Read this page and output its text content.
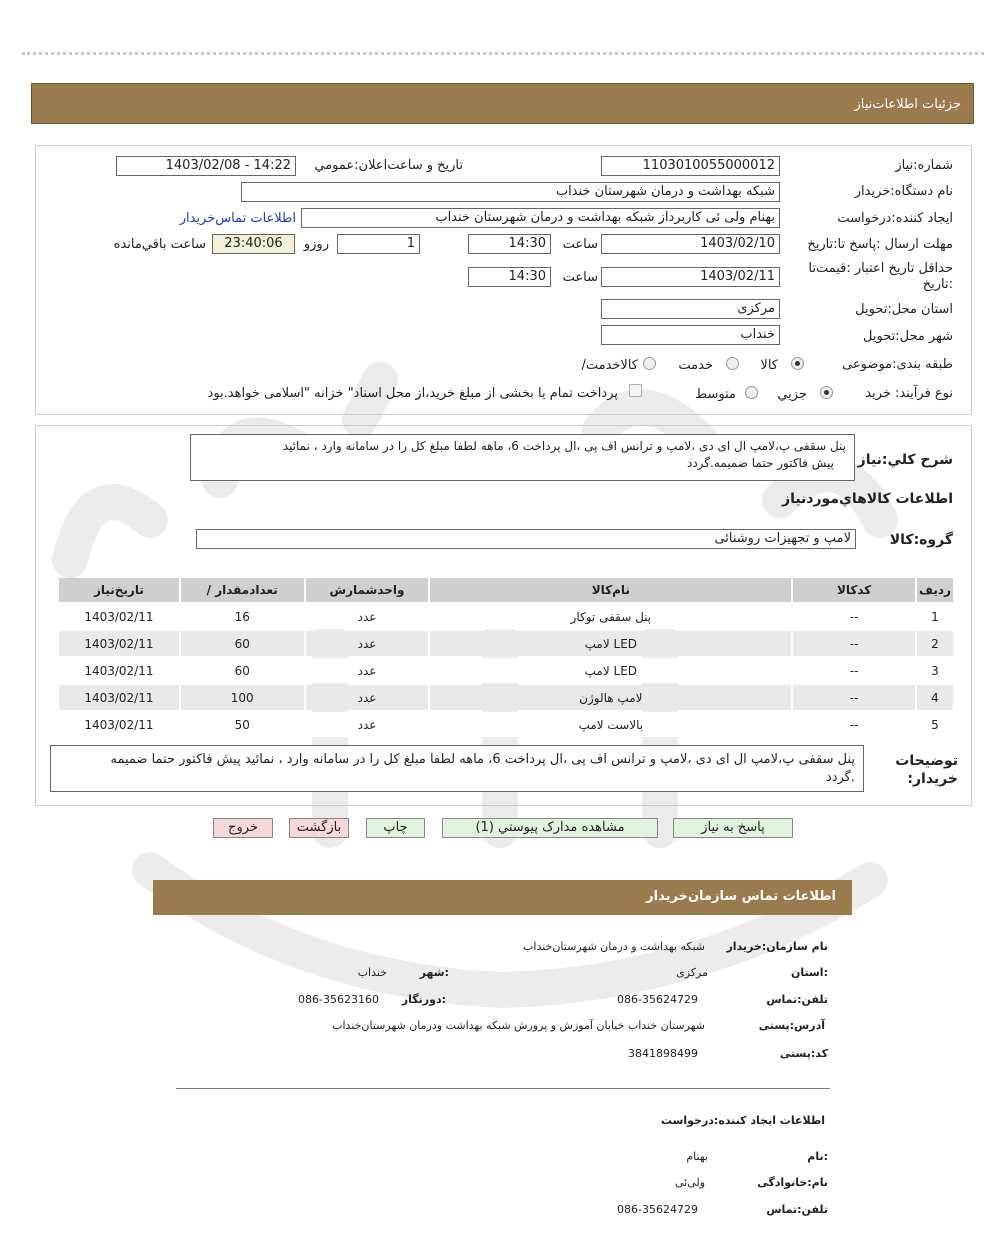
جزئیات اطلاعات‌نیاز
شماره:نیاز
1103010055000012
تاریخ و ساعت‌اعلان:عمومي
1403/02/08 - 14:22
نام دستگاه:خريدار
شبکه بهداشت و درمان شهرستان خنداب
ايجاد کننده:درخواست
بهنام ولی ئی کاربرداز شبکه بهداشت و درمان شهرستان خنداب
اطلاعات تماس‌خريدار
مهلت ارسال :پاسخ تا:تاريخ
1403/02/10
ساعت
14:30
1
روزو
23:40:06
ساعت باقي‌مانده
حداقل تاريخ اعتبار :قيمت‌تا تاريخ:
1403/02/11
ساعت
14:30
استان محل:تحويل
مرکزی
شهر محل:تحويل
خنداب
طبقه بندی:موضوعی
کالا
خدمت
/کالاخدمت
نوع فرآيند: خريد
جزيي
متوسط
پرداخت تمام یا بخشی از مبلغ خرید،از محل اسناد" خزانه "اسلامی خواهد.بود
شرح کلي:نياز
پنل سقفی پ،لامپ ال ای دی ،لامپ و ترانس اف پی ،ال پرداخت 6، ماهه لطفا مبلغ کل را در سامانه وارد ، نمائید
پیش فاکتور حتما ضمیمه.گردد
اطلاعات کالاهاي‌موردنياز
گروه:کالا
لامپ و تجهیزات روشنائی
تاريخ‌نياز	/ تعدادمقدار	واحدشمارش	نام‌کالا	کدکالا	رديف
1403/02/11	16	عدد	پنل سقفی توکار	--	1
1403/02/11	60	عدد	لامپ LED	--	2
1403/02/11	60	عدد	لامپ LED	--	3
1403/02/11	100	عدد	لامپ هالوژن	--	4
1403/02/11	50	عدد	بالاست لامپ	--	5
توضيحات
:خريدار
پنل سقفی پ،لامپ ال ای دی ،لامپ و ترانس اف پی ،ال پرداخت 6، ماهه لطفا مبلغ کل را در سامانه وارد ، نمائید پیش فاکتور حتما ضمیمه
.گردد
پاسخ به نياز
مشاهده مدارک پيوستي (1)
چاپ
بازگشت
خروج
اطلاعات تماس سازمان‌خريدار
نام سازمان:خریدار
شبکه بهداشت و درمان شهرستان‌خنداب
استان:
مرکزی
شهر:
خنداب
تلفن:تماس
086-35624729
دورنگار:
086-35623160
آدرس:پستی
شهرستان خنداب خیابان آموزش و پرورش شبکه بهداشت ودرمان شهرستان‌خنداب
کد:پستی
3841898499
اطلاعات ایجاد کننده:درخواست
نام:
بهنام
نام:خانوادگی
ولی‌ئی
تلفن:تماس
086-35624729
